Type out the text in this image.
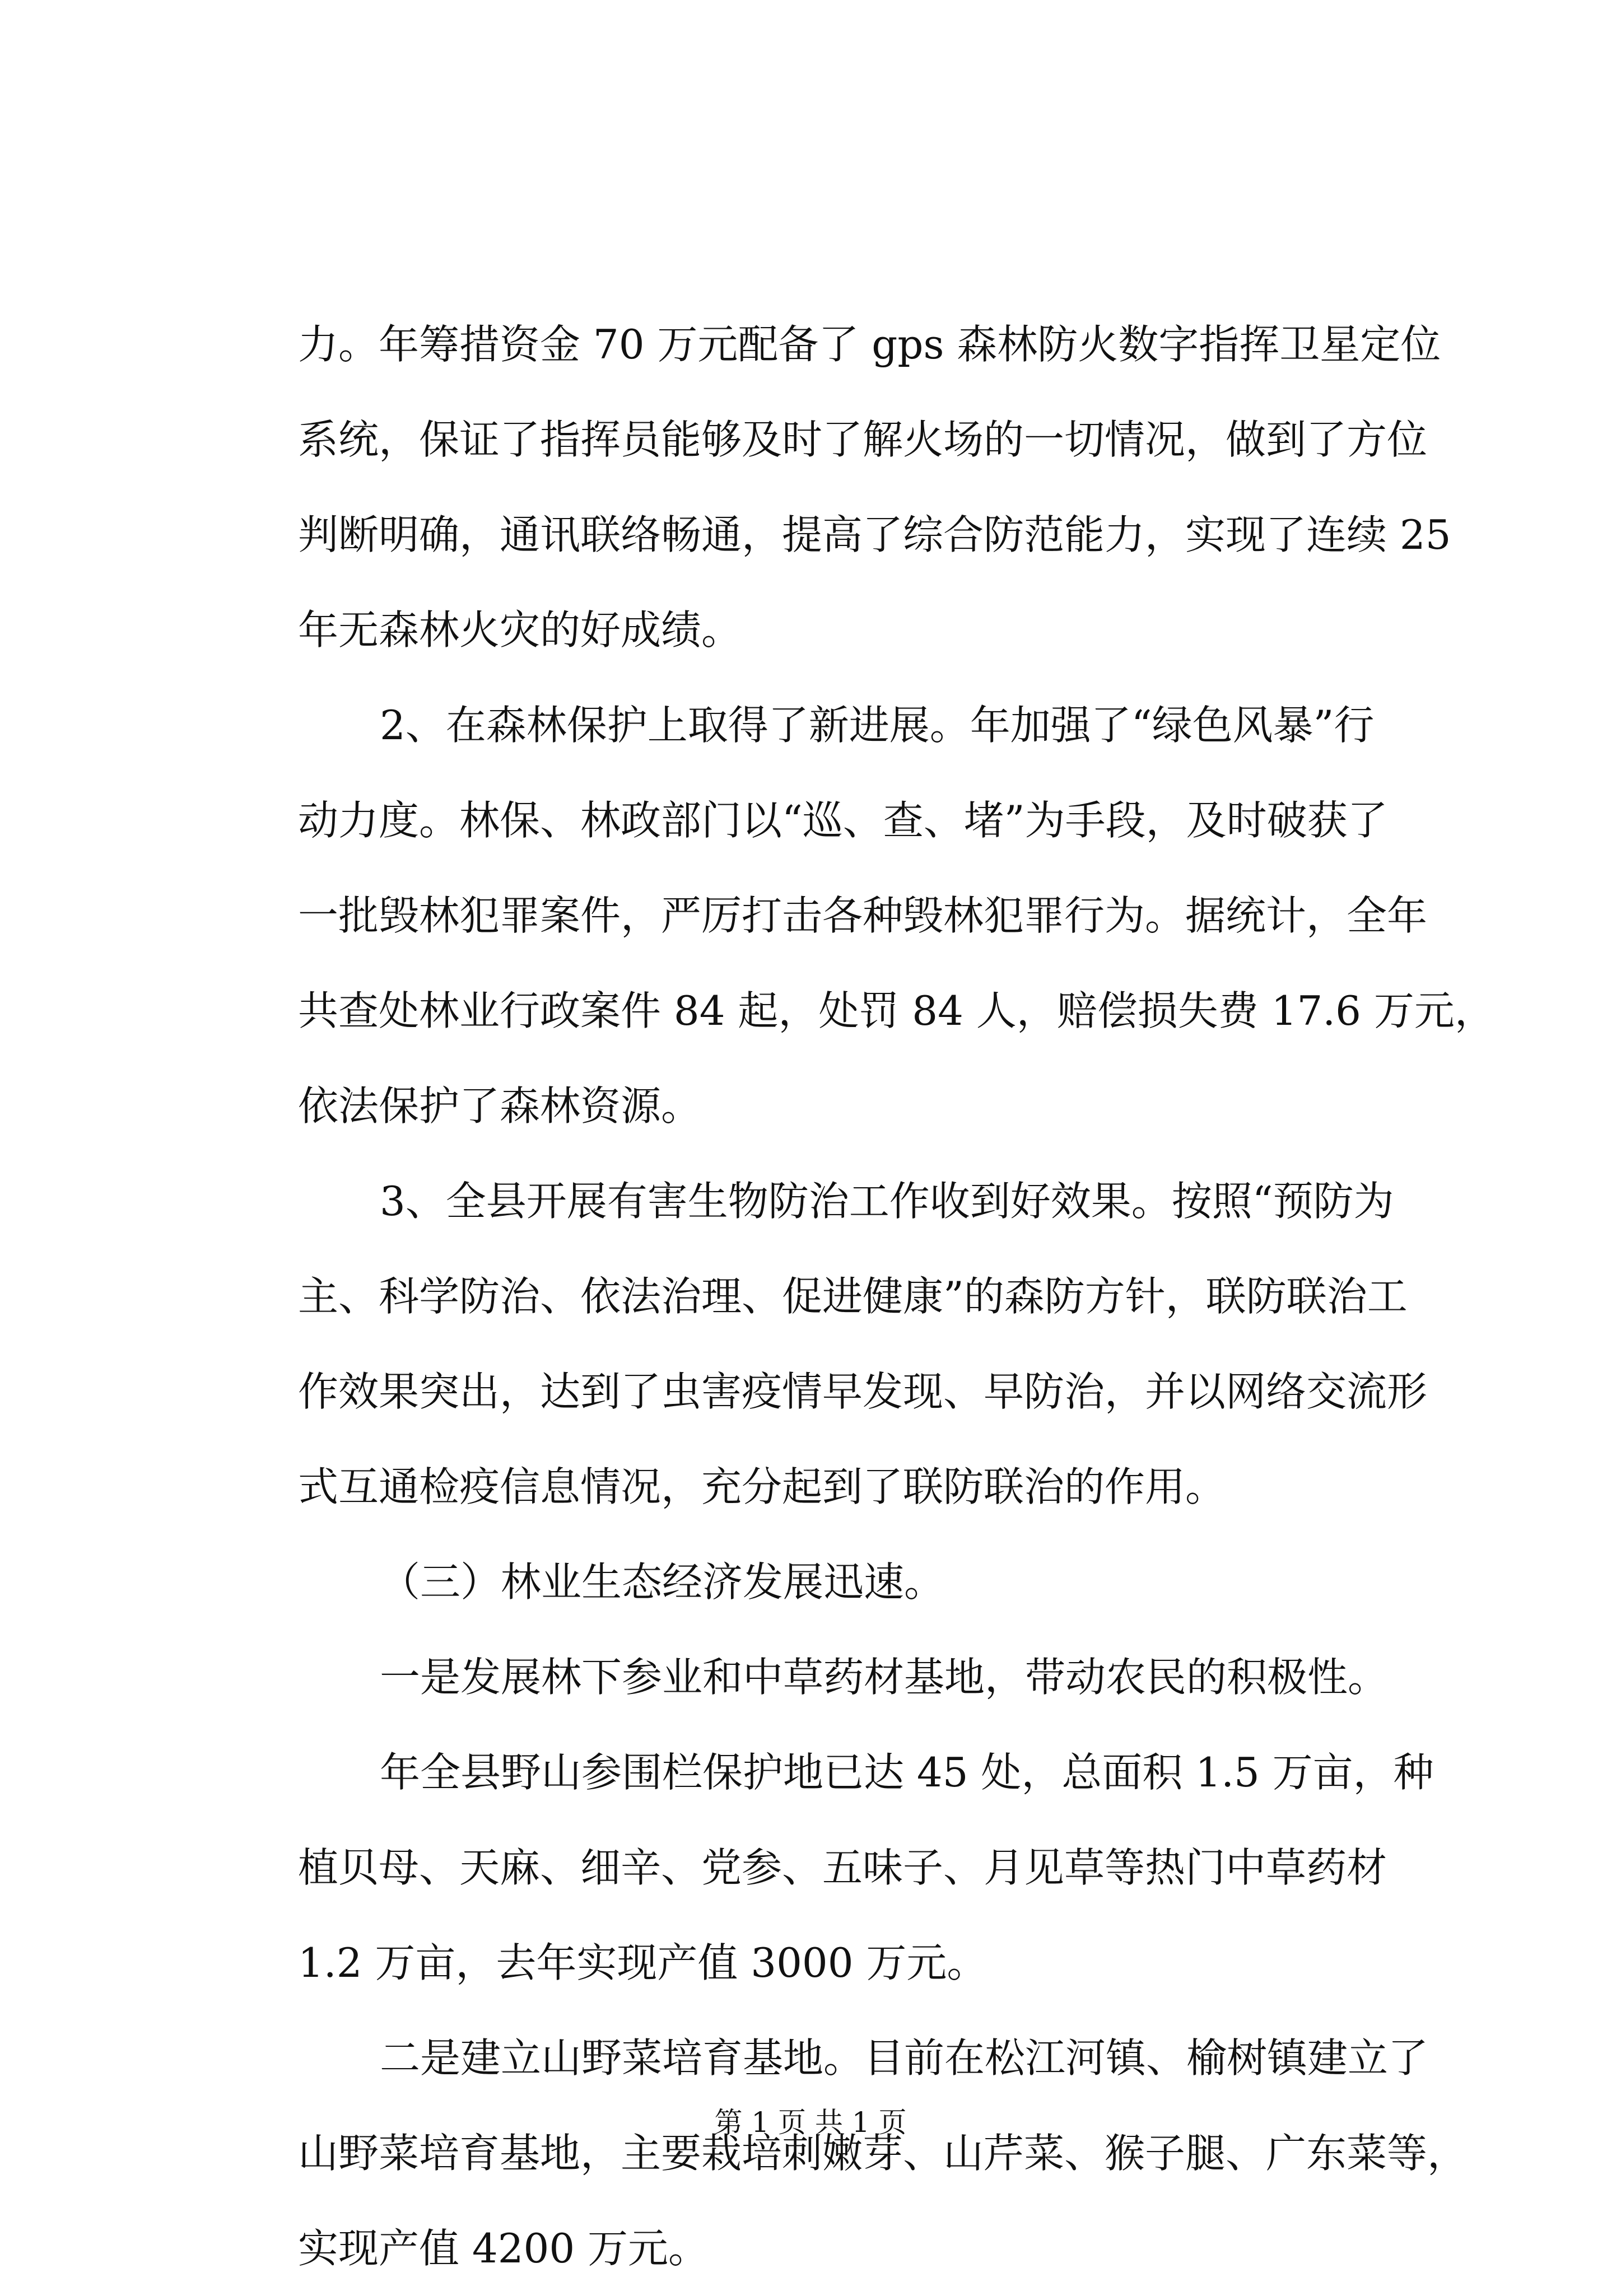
力。年筹措资金 70 万元配备了 gps 森林防火数字指挥卫星定位
系统，保证了指挥员能够及时了解火场的一切情况，做到了方位
判断明确，通讯联络畅通，提高了综合防范能力，实现了连续 25
年无森林火灾的好成绩。
2、在森林保护上取得了新进展。年加强了“绿色风暴”行
动力度。林保、林政部门以“巡、查、堵”为手段，及时破获了
一批毁林犯罪案件，严厉打击各种毁林犯罪行为。据统计，全年
共查处林业行政案件 84 起，处罚 84 人，赔偿损失费 17.6 万元，
依法保护了森林资源。
3、全县开展有害生物防治工作收到好效果。按照“预防为
主、科学防治、依法治理、促进健康”的森防方针，联防联治工
作效果突出，达到了虫害疫情早发现、早防治，并以网络交流形
式互通检疫信息情况，充分起到了联防联治的作用。
（三）林业生态经济发展迅速。
一是发展林下参业和中草药材基地，带动农民的积极性。
年全县野山参围栏保护地已达 45 处，总面积 1.5 万亩，种
植贝母、天麻、细辛、党参、五味子、月见草等热门中草药材
1.2 万亩，去年实现产值 3000 万元。
二是建立山野菜培育基地。目前在松江河镇、榆树镇建立了
山野菜培育基地，主要栽培刺嫩芽、山芹菜、猴子腿、广东菜等，
实现产值 4200 万元。
第 1 页 共 1 页
